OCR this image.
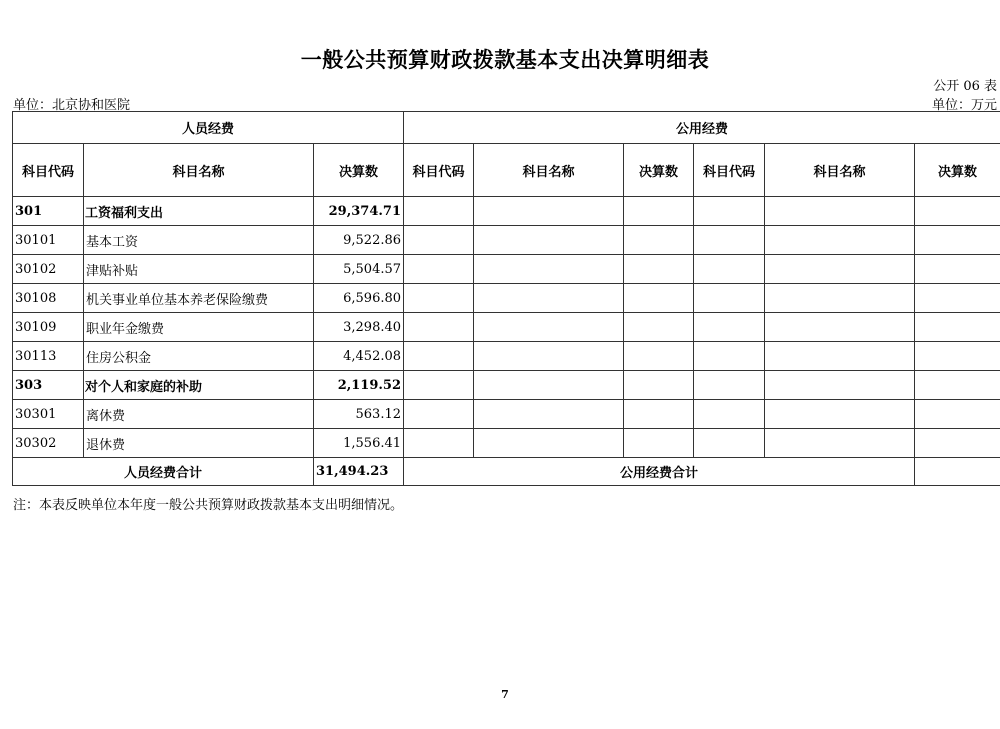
一般公共预算财政拨款基本支出决算明细表
公开 06 表
单位：北京协和医院	单位：万元
人员经费			公用经费					
科目代码	科目名称	决算数	科目代码	科目名称	决算数	科目代码	科目名称	决算数
301	工资福利支出	29,374.71						
30101	基本工资	9,522.86						
30102	津贴补贴	5,504.57						
30108	机关事业单位基本养老保险缴费	6,596.80						
30109	职业年金缴费	3,298.40						
30113	住房公积金	4,452.08						
303	对个人和家庭的补助	2,119.52						
30301	离休费	563.12						
30302	退休费	1,556.41						
人员经费合计		31,494.23	公用经费合计					
注：本表反映单位本年度一般公共预算财政拨款基本支出明细情况。
7
